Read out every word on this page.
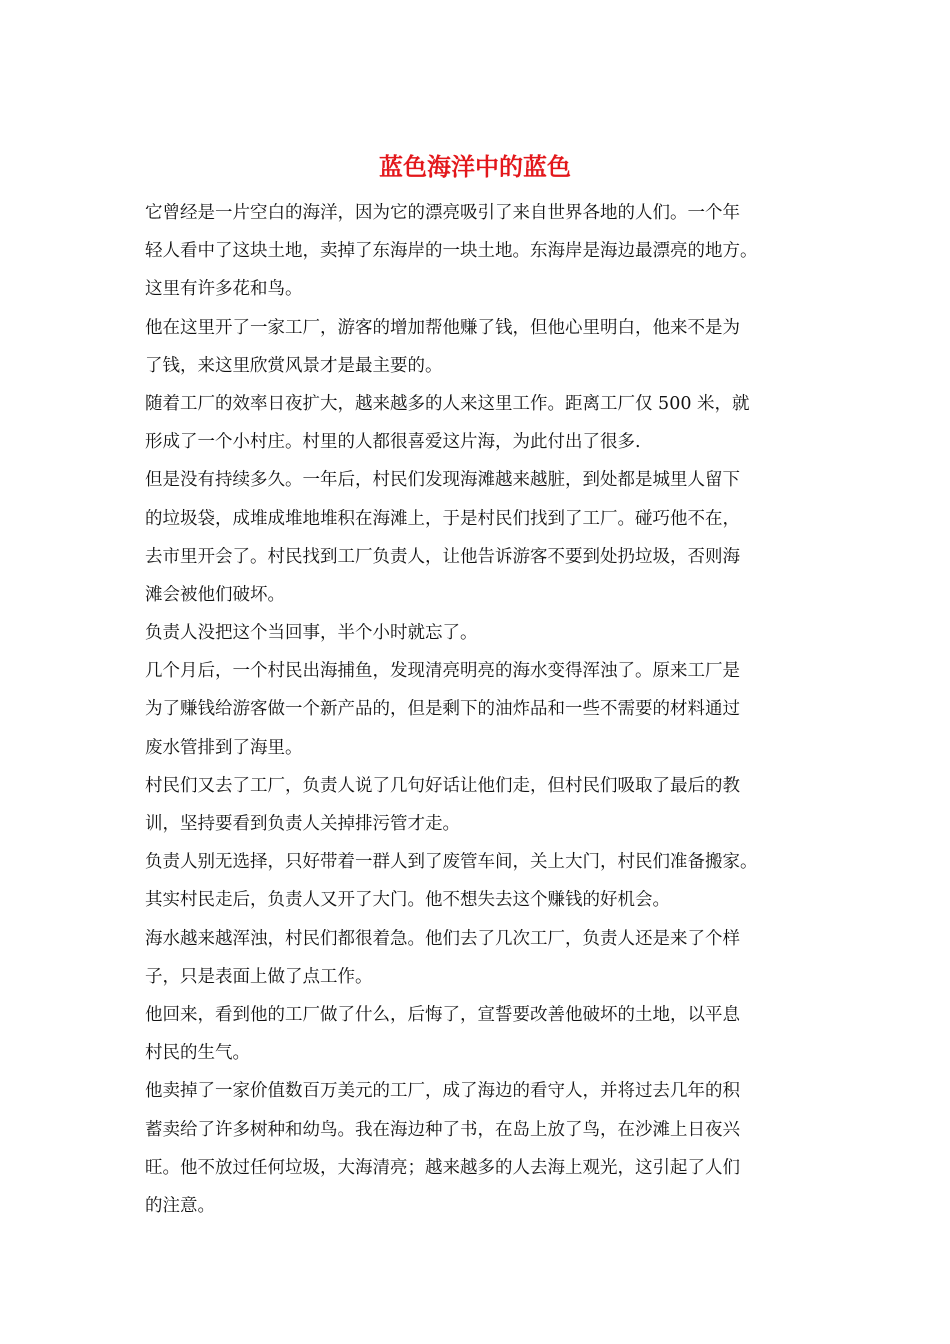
蓝色海洋中的蓝色
它曾经是一片空白的海洋，因为它的漂亮吸引了来自世界各地的人们。一个年
轻人看中了这块土地，卖掉了东海岸的一块土地。东海岸是海边最漂亮的地方。
这里有许多花和鸟。
他在这里开了一家工厂，游客的增加帮他赚了钱，但他心里明白，他来不是为
了钱，来这里欣赏风景才是最主要的。
随着工厂的效率日夜扩大，越来越多的人来这里工作。距离工厂仅 500 米，就
形成了一个小村庄。村里的人都很喜爱这片海，为此付出了很多.
但是没有持续多久。一年后，村民们发现海滩越来越脏，到处都是城里人留下
的垃圾袋，成堆成堆地堆积在海滩上，于是村民们找到了工厂。碰巧他不在，
去市里开会了。村民找到工厂负责人，让他告诉游客不要到处扔垃圾，否则海
滩会被他们破坏。
负责人没把这个当回事，半个小时就忘了。
几个月后，一个村民出海捕鱼，发现清亮明亮的海水变得浑浊了。原来工厂是
为了赚钱给游客做一个新产品的，但是剩下的油炸品和一些不需要的材料通过
废水管排到了海里。
村民们又去了工厂，负责人说了几句好话让他们走，但村民们吸取了最后的教
训，坚持要看到负责人关掉排污管才走。
负责人别无选择，只好带着一群人到了废管车间，关上大门，村民们准备搬家。
其实村民走后，负责人又开了大门。他不想失去这个赚钱的好机会。
海水越来越浑浊，村民们都很着急。他们去了几次工厂，负责人还是来了个样
子，只是表面上做了点工作。
他回来，看到他的工厂做了什么，后悔了，宣誓要改善他破坏的土地，以平息
村民的生气。
他卖掉了一家价值数百万美元的工厂，成了海边的看守人，并将过去几年的积
蓄卖给了许多树种和幼鸟。我在海边种了书，在岛上放了鸟，在沙滩上日夜兴
旺。他不放过任何垃圾，大海清亮；越来越多的人去海上观光，这引起了人们
的注意。
